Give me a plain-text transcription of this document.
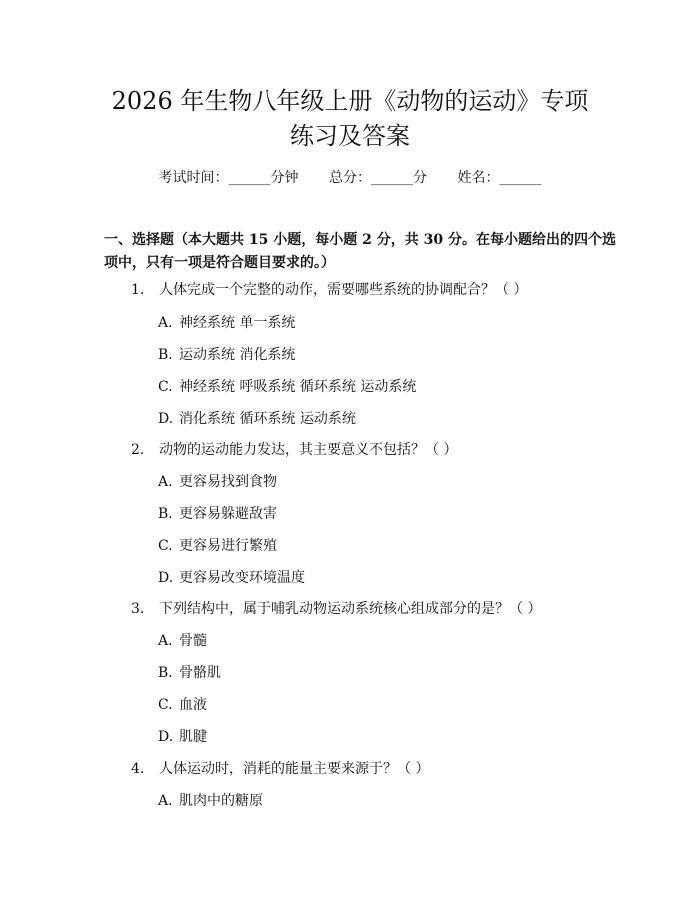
2026 年生物八年级上册《动物的运动》专项
练习及答案
考试时间：______分钟 总分：______分 姓名：______
一、选择题（本大题共 15 小题，每小题 2 分，共 30 分。在每小题给出的四个选
项中，只有一项是符合题目要求的。）
1. 人体完成一个完整的动作，需要哪些系统的协调配合？（ ）
A. 神经系统 单一系统
B. 运动系统 消化系统
C. 神经系统 呼吸系统 循环系统 运动系统
D. 消化系统 循环系统 运动系统
2. 动物的运动能力发达，其主要意义不包括？（ ）
A. 更容易找到食物
B. 更容易躲避敌害
C. 更容易进行繁殖
D. 更容易改变环境温度
3. 下列结构中，属于哺乳动物运动系统核心组成部分的是？（ ）
A. 骨髓
B. 骨骼肌
C. 血液
D. 肌腱
4. 人体运动时，消耗的能量主要来源于？（ ）
A. 肌肉中的糖原
